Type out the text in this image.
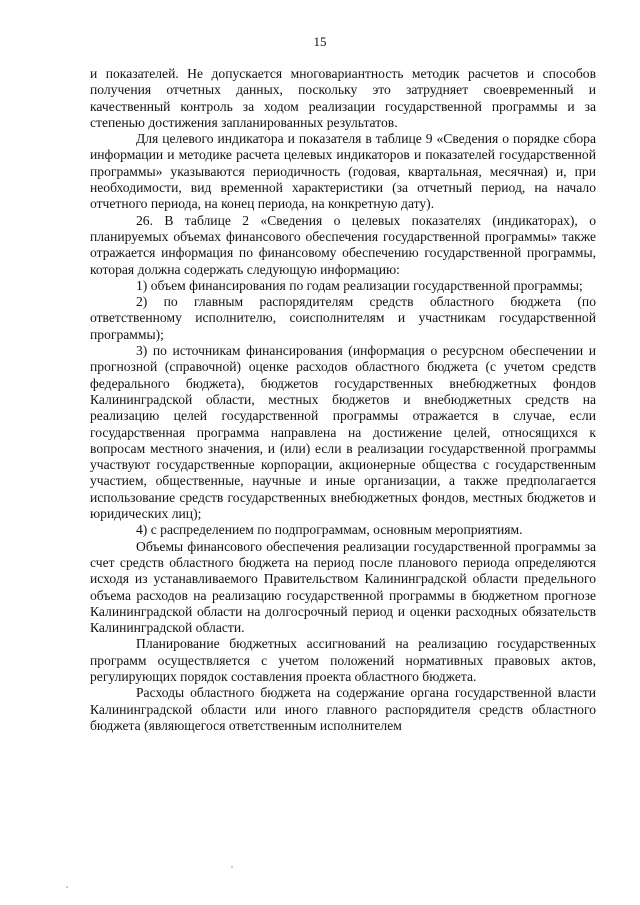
15

и показателей. Не допускается многовариантность методик расчетов и способов получения отчетных данных, поскольку это затрудняет своевременный и качественный контроль за ходом реализации государственной программы и за степенью достижения запланированных результатов.

Для целевого индикатора и показателя в таблице 9 «Сведения о порядке сбора информации и методике расчета целевых индикаторов и показателей государственной программы» указываются периодичность (годовая, квартальная, месячная) и, при необходимости, вид временной характеристики (за отчетный период, на начало отчетного периода, на конец периода, на конкретную дату).

26. В таблице 2 «Сведения о целевых показателях (индикаторах), о планируемых объемах финансового обеспечения государственной программы» также отражается информация по финансовому обеспечению государственной программы, которая должна содержать следующую информацию:

1) объем финансирования по годам реализации государственной программы;

2) по главным распорядителям средств областного бюджета (по ответственному исполнителю, соисполнителям и участникам государственной программы);

3) по источникам финансирования (информация о ресурсном обеспечении и прогнозной (справочной) оценке расходов областного бюджета (с учетом средств федерального бюджета), бюджетов государственных внебюджетных фондов Калининградской области, местных бюджетов и внебюджетных средств на реализацию целей государственной программы отражается в случае, если государственная программа направлена на достижение целей, относящихся к вопросам местного значения, и (или) если в реализации государственной программы участвуют государственные корпорации, акционерные общества с государственным участием, общественные, научные и иные организации, а также предполагается использование средств государственных внебюджетных фондов, местных бюджетов и юридических лиц);

4) с распределением по подпрограммам, основным мероприятиям.

Объемы финансового обеспечения реализации государственной программы за счет средств областного бюджета на период после планового периода определяются исходя из устанавливаемого Правительством Калининградской области предельного объема расходов на реализацию государственной программы в бюджетном прогнозе Калининградской области на долгосрочный период и оценки расходных обязательств Калининградской области.

Планирование бюджетных ассигнований на реализацию государственных программ осуществляется с учетом положений нормативных правовых актов, регулирующих порядок составления проекта областного бюджета.

Расходы областного бюджета на содержание органа государственной власти Калининградской области или иного главного распорядителя средств областного бюджета (являющегося ответственным исполнителем
